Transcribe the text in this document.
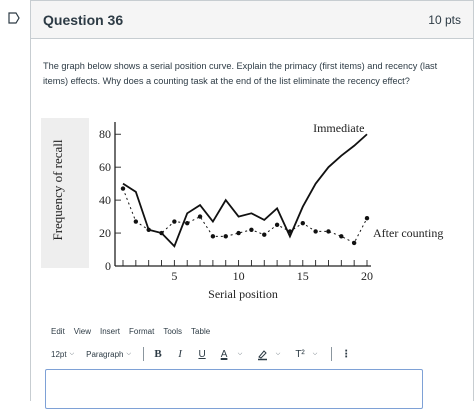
Question 36	10 pts
The graph below shows a serial position curve. Explain the primacy (first items) and recency (last items) effects. Why does a counting task at the end of the list eliminate the recency effect?
Frequency of recall
5	10	15	20
0
20
40
60
80	Immediate
After counting
Serial position
Edit View Insert Format Tools Table
12pt ⌵ Paragraph ⌵ B	I	U A	⌵	⌵	T²	⌵	⋮
